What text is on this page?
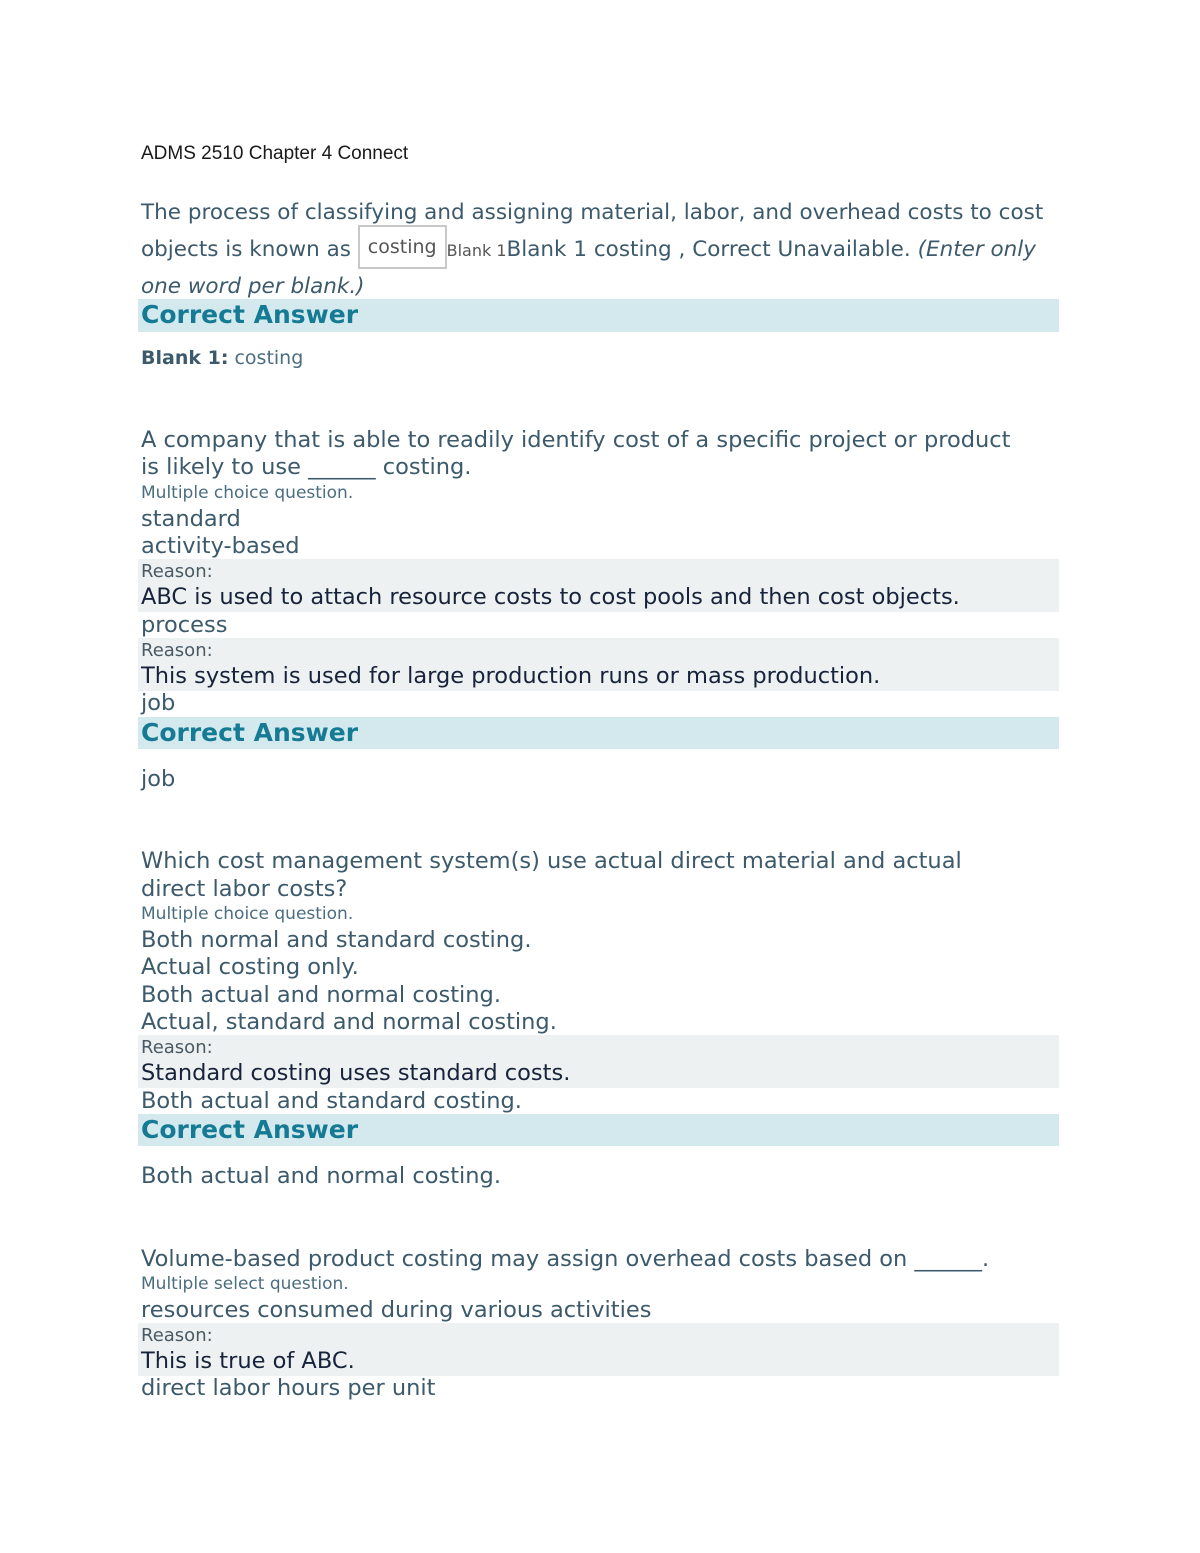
ADMS 2510 Chapter 4 Connect
The process of classifying and assigning material, labor, and overhead costs to cost objects is known as costing Blank 1Blank 1 costing , Correct Unavailable. (Enter only one word per blank.)
Correct Answer
Blank 1: costing
A company that is able to readily identify cost of a specific project or product
is likely to use ______ costing.
Multiple choice question.
standard
activity-based
Reason:
ABC is used to attach resource costs to cost pools and then cost objects.
process
Reason:
This system is used for large production runs or mass production.
job
Correct Answer
job
Which cost management system(s) use actual direct material and actual
direct labor costs?
Multiple choice question.
Both normal and standard costing.
Actual costing only.
Both actual and normal costing.
Actual, standard and normal costing.
Reason:
Standard costing uses standard costs.
Both actual and standard costing.
Correct Answer
Both actual and normal costing.
Volume-based product costing may assign overhead costs based on ______.
Multiple select question.
resources consumed during various activities
Reason:
This is true of ABC.
direct labor hours per unit
